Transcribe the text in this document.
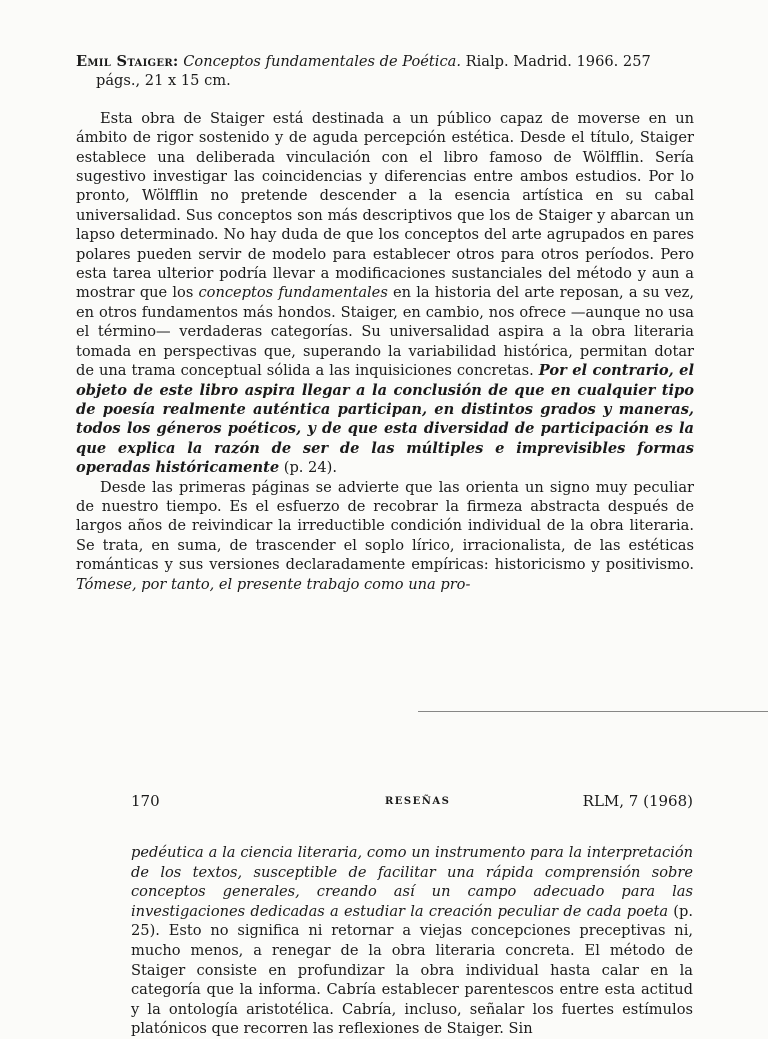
Emil Staiger: Conceptos fundamentales de Poética. Rialp. Madrid. 1966. 257 págs., 21 x 15 cm.

Esta obra de Staiger está destinada a un público capaz de moverse en un ámbito de rigor sostenido y de aguda percepción estética. Desde el título, Staiger establece una deliberada vinculación con el libro famoso de Wölfflin. Sería sugestivo investigar las coincidencias y diferencias entre ambos estudios. Por lo pronto, Wölfflin no pretende descender a la esencia artística en su cabal universalidad. Sus conceptos son más descriptivos que los de Staiger y abarcan un lapso determinado. No hay duda de que los conceptos del arte agrupados en pares polares pueden servir de modelo para establecer otros para otros períodos. Pero esta tarea ulterior podría llevar a modificaciones sustanciales del método y aun a mostrar que los conceptos fundamentales en la historia del arte reposan, a su vez, en otros fundamentos más hondos. Staiger, en cambio, nos ofrece —aunque no usa el término— verdaderas categorías. Su universalidad aspira a la obra literaria tomada en perspectivas que, superando la variabilidad histórica, permitan dotar de una trama conceptual sólida a las inquisiciones concretas. Por el contrario, el objeto de este libro aspira llegar a la conclusión de que en cualquier tipo de poesía realmente auténtica participan, en distintos grados y maneras, todos los géneros poéticos, y de que esta diversidad de participación es la que explica la razón de ser de las múltiples e imprevisibles formas operadas históricamente (p. 24).

Desde las primeras páginas se advierte que las orienta un signo muy peculiar de nuestro tiempo. Es el esfuerzo de recobrar la firmeza abstracta después de largos años de reivindicar la irreductible condición individual de la obra literaria. Se trata, en suma, de trascender el soplo lírico, irracionalista, de las estéticas románticas y sus versiones declaradamente empíricas: historicismo y positivismo. Tómese, por tanto, el presente trabajo como una pro-

170	RESEÑAS	RLM, 7 (1968)

pedéutica a la ciencia literaria, como un instrumento para la interpretación de los textos, susceptible de facilitar una rápida comprensión sobre conceptos generales, creando así un campo adecuado para las investigaciones dedicadas a estudiar la creación peculiar de cada poeta (p. 25). Esto no significa ni retornar a viejas concepciones preceptivas ni, mucho menos, a renegar de la obra literaria concreta. El método de Staiger consiste en profundizar la obra individual hasta calar en la categoría que la informa. Cabría establecer parentescos entre esta actitud y la ontología aristotélica. Cabría, incluso, señalar los fuertes estímulos platónicos que recorren las reflexiones de Staiger. Sin
